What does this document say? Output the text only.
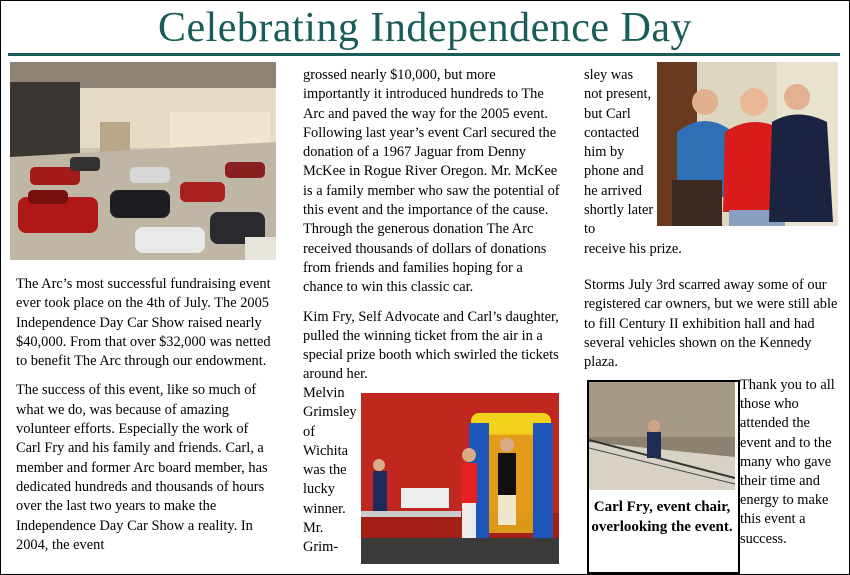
Celebrating Independence Day
Carl Fry, event chair, overlooking the event.

The Arc’s most successful fundraising event ever took place on the 4th of July. The 2005 Independence Day Car Show raised nearly $40,000. From that over $32,000 was netted to benefit The Arc through our endowment.

The success of this event, like so much of what we do, was because of amazing volunteer efforts. Especially the work of Carl Fry and his family and friends. Carl, a member and former Arc board member, has dedicated hundreds and thousands of hours over the last two years to make the Independence Day Car Show a reality. In 2004, the event

grossed nearly $10,000, but more importantly it introduced hundreds to The Arc and paved the way for the 2005 event. Following last year’s event Carl secured the donation of a 1967 Jaguar from Denny McKee in Rogue River Oregon. Mr. McKee is a family member who saw the potential of this event and the importance of the cause. Through the generous donation The Arc received thousands of dollars of donations from friends and families hoping for a chance to win this classic car.

Kim Fry, Self Advocate and Carl’s daughter, pulled the winning ticket from the air in a special prize booth which swirled the tickets around her.

Melvin Grimsley of Wichita was the lucky winner. Mr. Grim-

sley was not present, but Carl contacted him by phone and he arrived shortly later to

receive his prize.

Storms July 3rd scarred away some of our registered car owners, but we were still able to fill Century II exhibition hall and had several vehicles shown on the Kennedy plaza.

Thank you to all those who attended the event and to the many who gave their time and energy to make this event a success.
